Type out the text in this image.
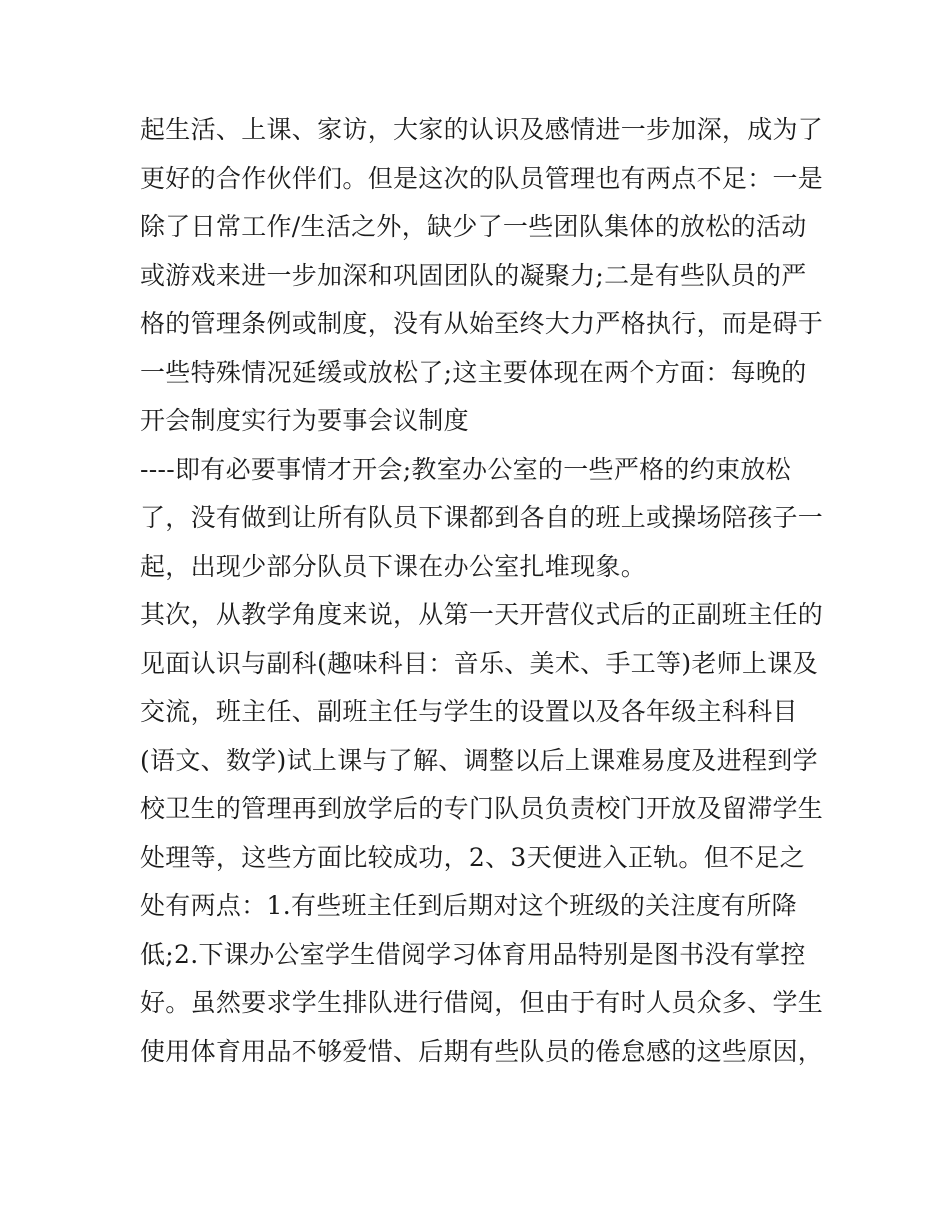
起生活、上课、家访，大家的认识及感情进一步加深，成为了
更好的合作伙伴们。但是这次的队员管理也有两点不足：一是
除了日常工作/生活之外，缺少了一些团队集体的放松的活动
或游戏来进一步加深和巩固团队的凝聚力;二是有些队员的严
格的管理条例或制度，没有从始至终大力严格执行，而是碍于
一些特殊情况延缓或放松了;这主要体现在两个方面：每晚的
开会制度实行为要事会议制度
----即有必要事情才开会;教室办公室的一些严格的约束放松
了，没有做到让所有队员下课都到各自的班上或操场陪孩子一
起，出现少部分队员下课在办公室扎堆现象。
其次，从教学角度来说，从第一天开营仪式后的正副班主任的
见面认识与副科(趣味科目：音乐、美术、手工等)老师上课及
交流，班主任、副班主任与学生的设置以及各年级主科科目
(语文、数学)试上课与了解、调整以后上课难易度及进程到学
校卫生的管理再到放学后的专门队员负责校门开放及留滞学生
处理等，这些方面比较成功，2、3天便进入正轨。但不足之
处有两点：1.有些班主任到后期对这个班级的关注度有所降
低;2.下课办公室学生借阅学习体育用品特别是图书没有掌控
好。虽然要求学生排队进行借阅，但由于有时人员众多、学生
使用体育用品不够爱惜、后期有些队员的倦怠感的这些原因，
